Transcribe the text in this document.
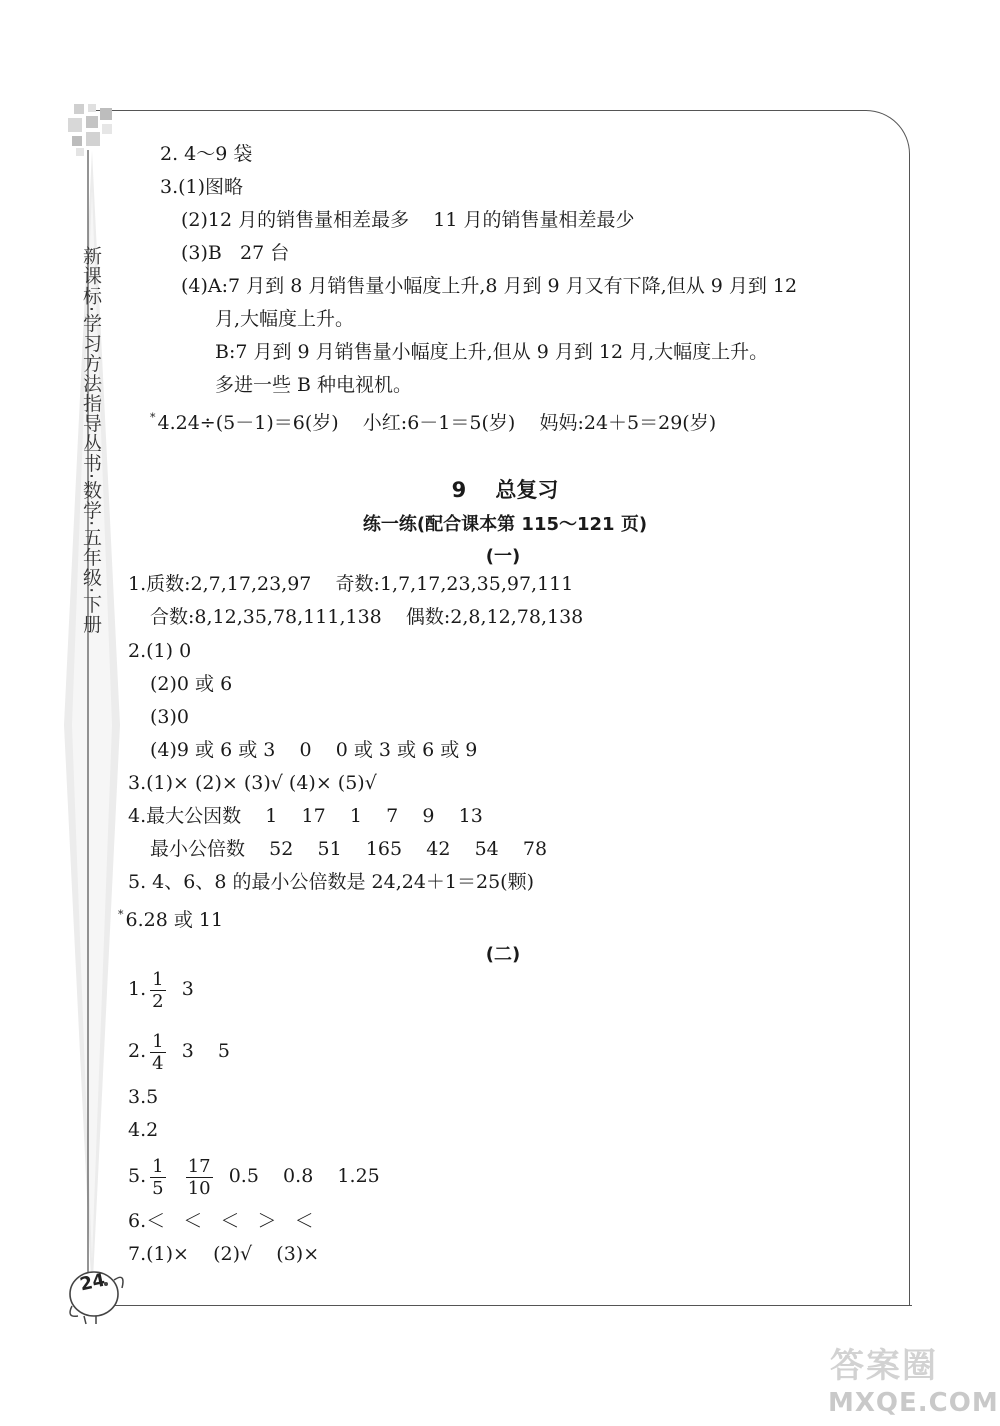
新课标·学习方法指导丛书·数学·五年级·下册
24
2. 4～9 袋
3.(1)图略
(2)12 月的销售量相差最多    11 月的销售量相差最少
(3)B   27 台
(4)A:7 月到 8 月销售量小幅度上升,8 月到 9 月又有下降,但从 9 月到 12
月,大幅度上升。
B:7 月到 9 月销售量小幅度上升,但从 9 月到 12 月,大幅度上升。
多进一些 B 种电视机。
* 4.24÷(5－1)＝6(岁)    小红:6－1＝5(岁)    妈妈:24＋5＝29(岁)
9    总复习
练一练(配合课本第 115～121 页)
(一)
1.质数:2,7,17,23,97    奇数:1,7,17,23,35,97,111
合数:8,12,35,78,111,138    偶数:2,8,12,78,138
2.(1) 0
(2)0 或 6
(3)0
(4)9 或 6 或 3    0    0 或 3 或 6 或 9
3.(1)× (2)× (3)√ (4)× (5)√
4.最大公因数    1    17    1    7    9    13
最小公倍数    52    51    165    42    54    78
5. 4、6、8 的最小公倍数是 24,24＋1＝25(颗)
* 6.28 或 11
(二)
1. $\frac{1}{2} 3$
2. $\frac{1}{4} 3$    5
3.5
4.2
5. $\frac{1}{5}$
$\frac{17}{10} 0.5$    0.8    1.25
6.＜   ＜   ＜   ＞   ＜
7.(1)×    (2)√    (3)×
答案圈
MXQE.COM
